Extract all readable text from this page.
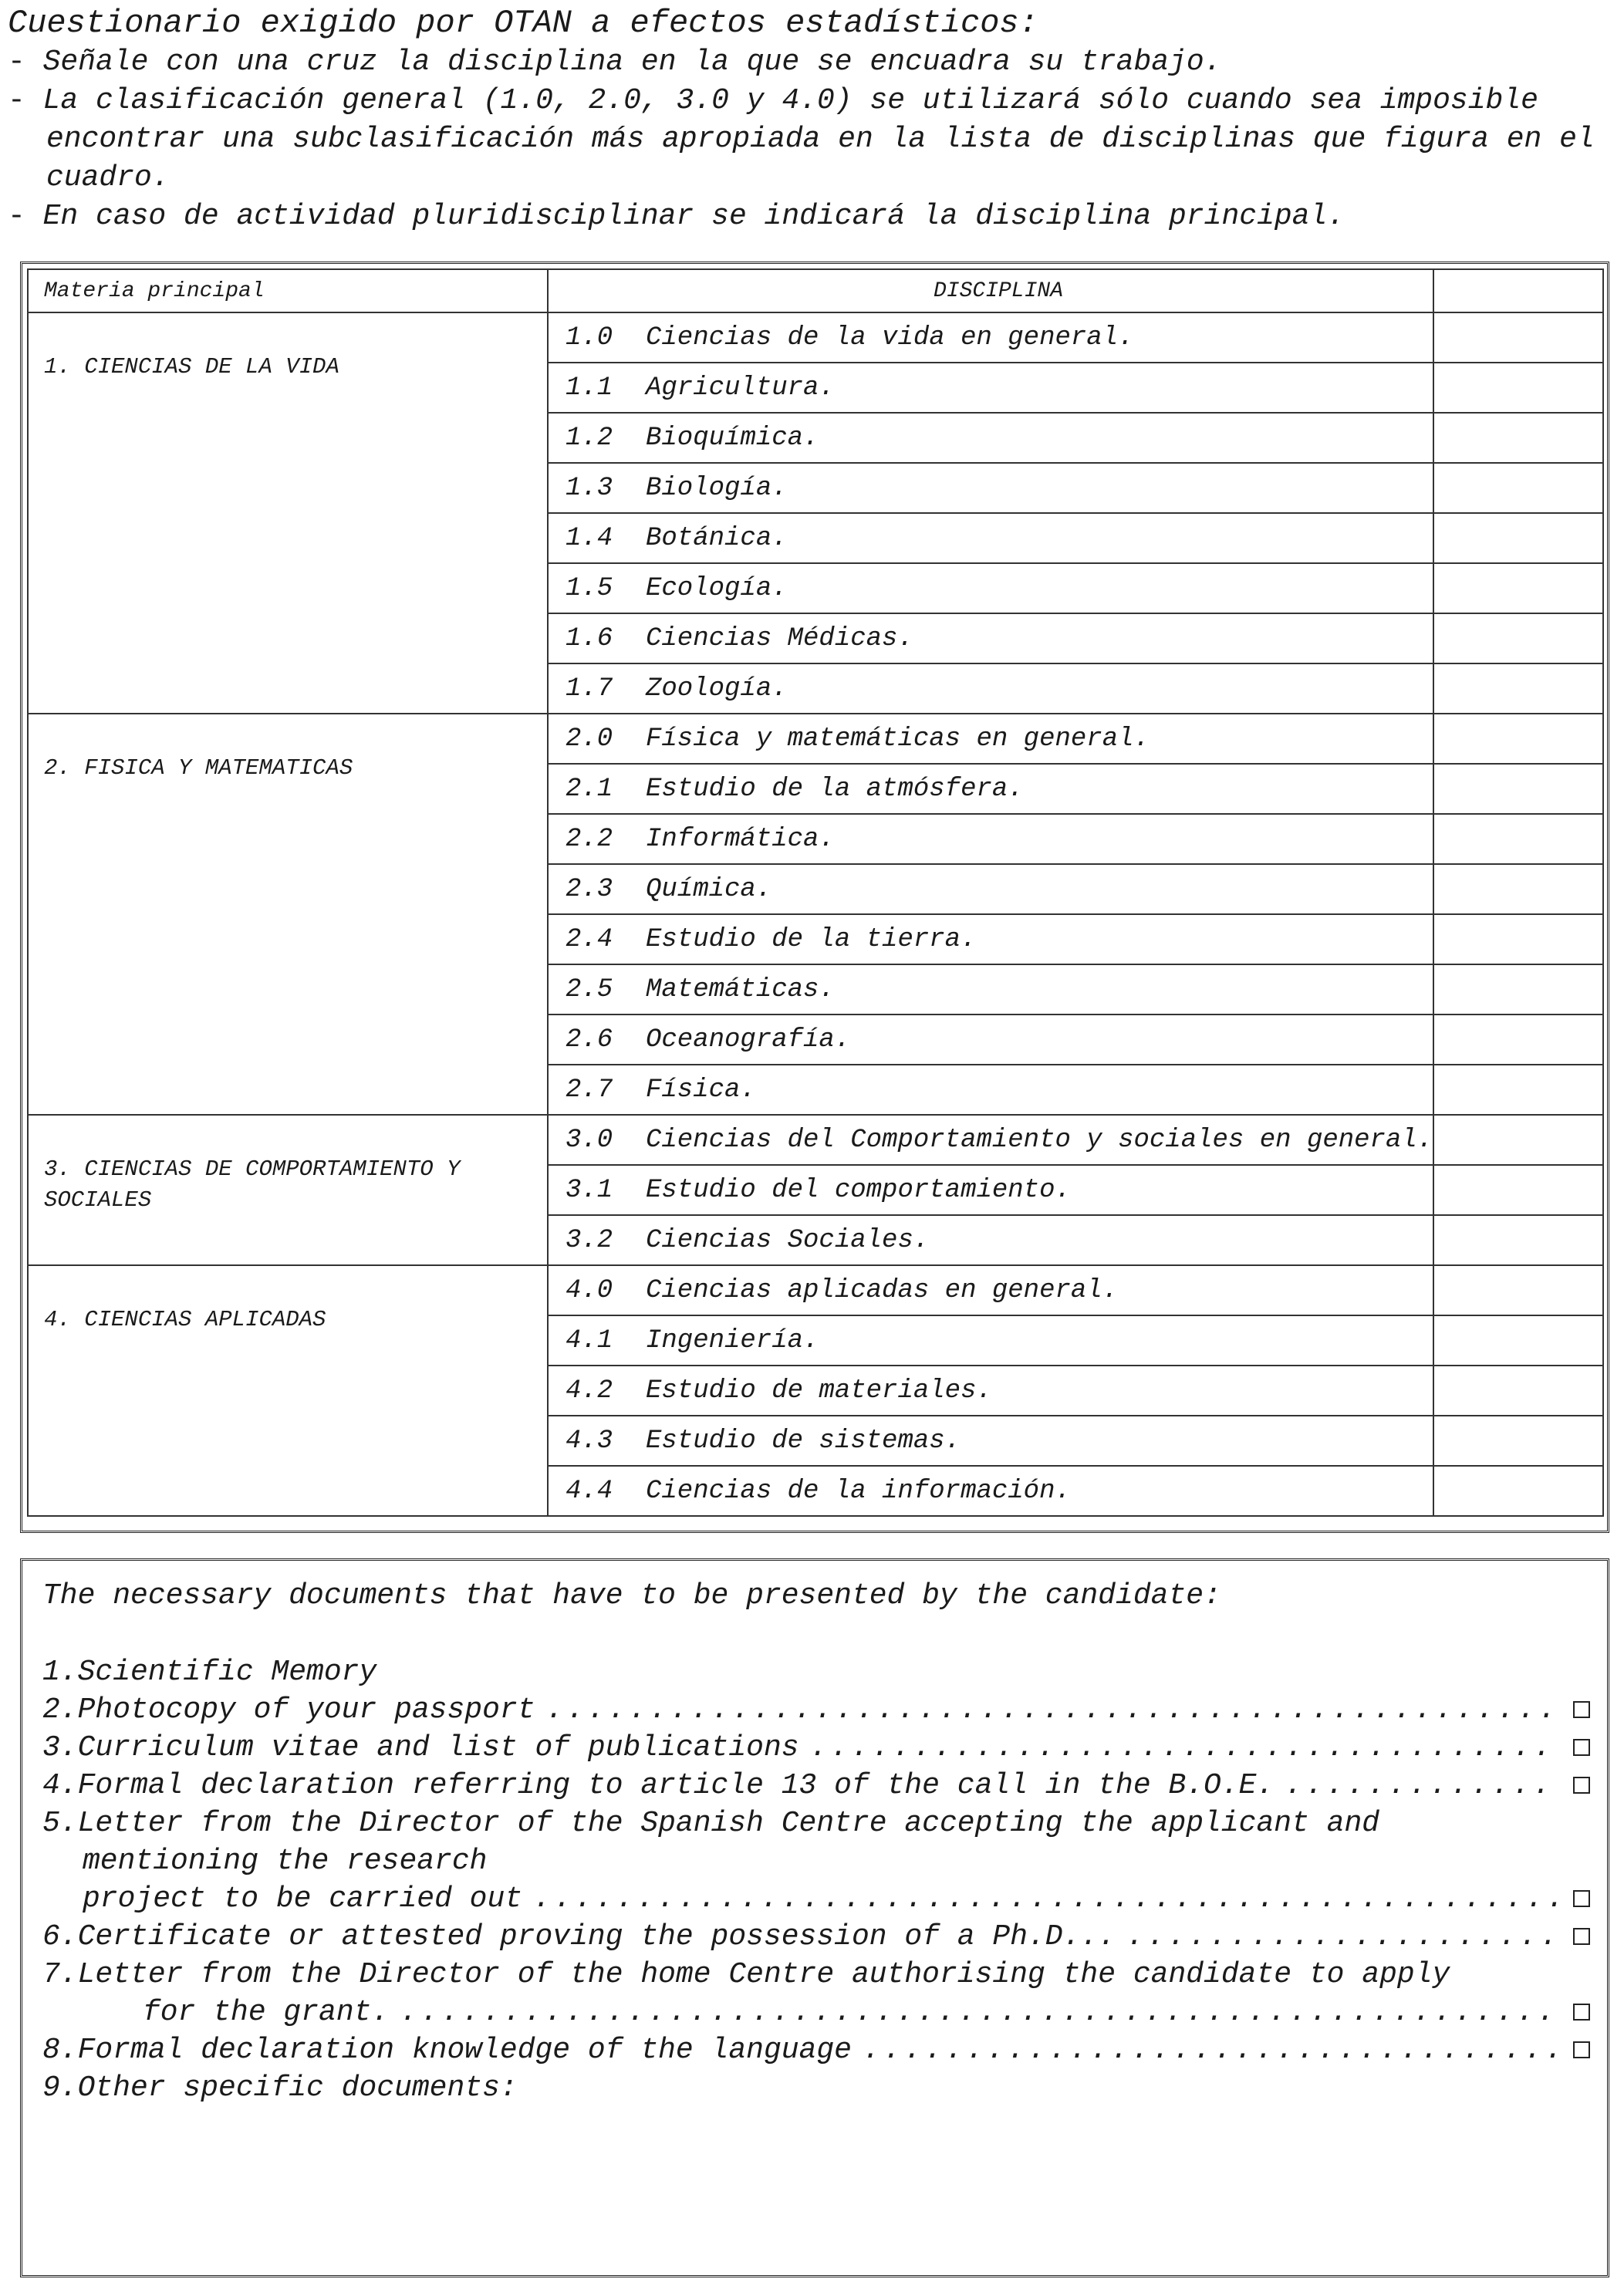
Cuestionario exigido por OTAN a efectos estadísticos:
- Señale con una cruz la disciplina en la que se encuadra su trabajo.
- La clasificación general (1.0, 2.0, 3.0 y 4.0) se utilizará sólo cuando sea imposible encontrar una subclasificación más apropiada en la lista de disciplinas que figura en el cuadro.
- En caso de actividad pluridisciplinar se indicará la disciplina principal.
Materia principal	DISCIPLINA	

1. CIENCIAS DE LA VIDA	1.0 Ciencias de la vida en general.	
	1.1 Agricultura.	
	1.2 Bioquímica.	
	1.3 Biología.	
	1.4 Botánica.	
	1.5 Ecología.	
	1.6 Ciencias Médicas.	
	1.7 Zoología.	

2. FISICA Y MATEMATICAS	2.0 Física y matemáticas en general.	
	2.1 Estudio de la atmósfera.	
	2.2 Informática.	
	2.3 Química.	
	2.4 Estudio de la tierra.	
	2.5 Matemáticas.	
	2.6 Oceanografía.	
	2.7 Física.	

3. CIENCIAS DE COMPORTAMIENTO Y
SOCIALES	3.0 Ciencias del Comportamiento y sociales en general.	
	3.1 Estudio del comportamiento.	
	3.2 Ciencias Sociales.	

4. CIENCIAS APLICADAS	4.0 Ciencias aplicadas en general.	
	4.1 Ingeniería.	
	4.2 Estudio de materiales.	
	4.3 Estudio de sistemas.	
	4.4 Ciencias de la información.	
The necessary documents that have to be presented by the candidate:
1.Scientific Memory
2.Photocopy of your passport
.....
3.Curriculum vitae and list of publications
.....
4.Formal declaration referring to article 13 of the call in the B.O.E.
.....
5.Letter from the Director of the Spanish Centre accepting the applicant and
mentioning the research
project to be carried out
.....
6.Certificate or attested proving the possession of a Ph.D...
.....
7.Letter from the Director of the home Centre authorising the candidate to apply
for the grant.
.....
8.Formal declaration knowledge of the language
.....
9.Other specific documents:
